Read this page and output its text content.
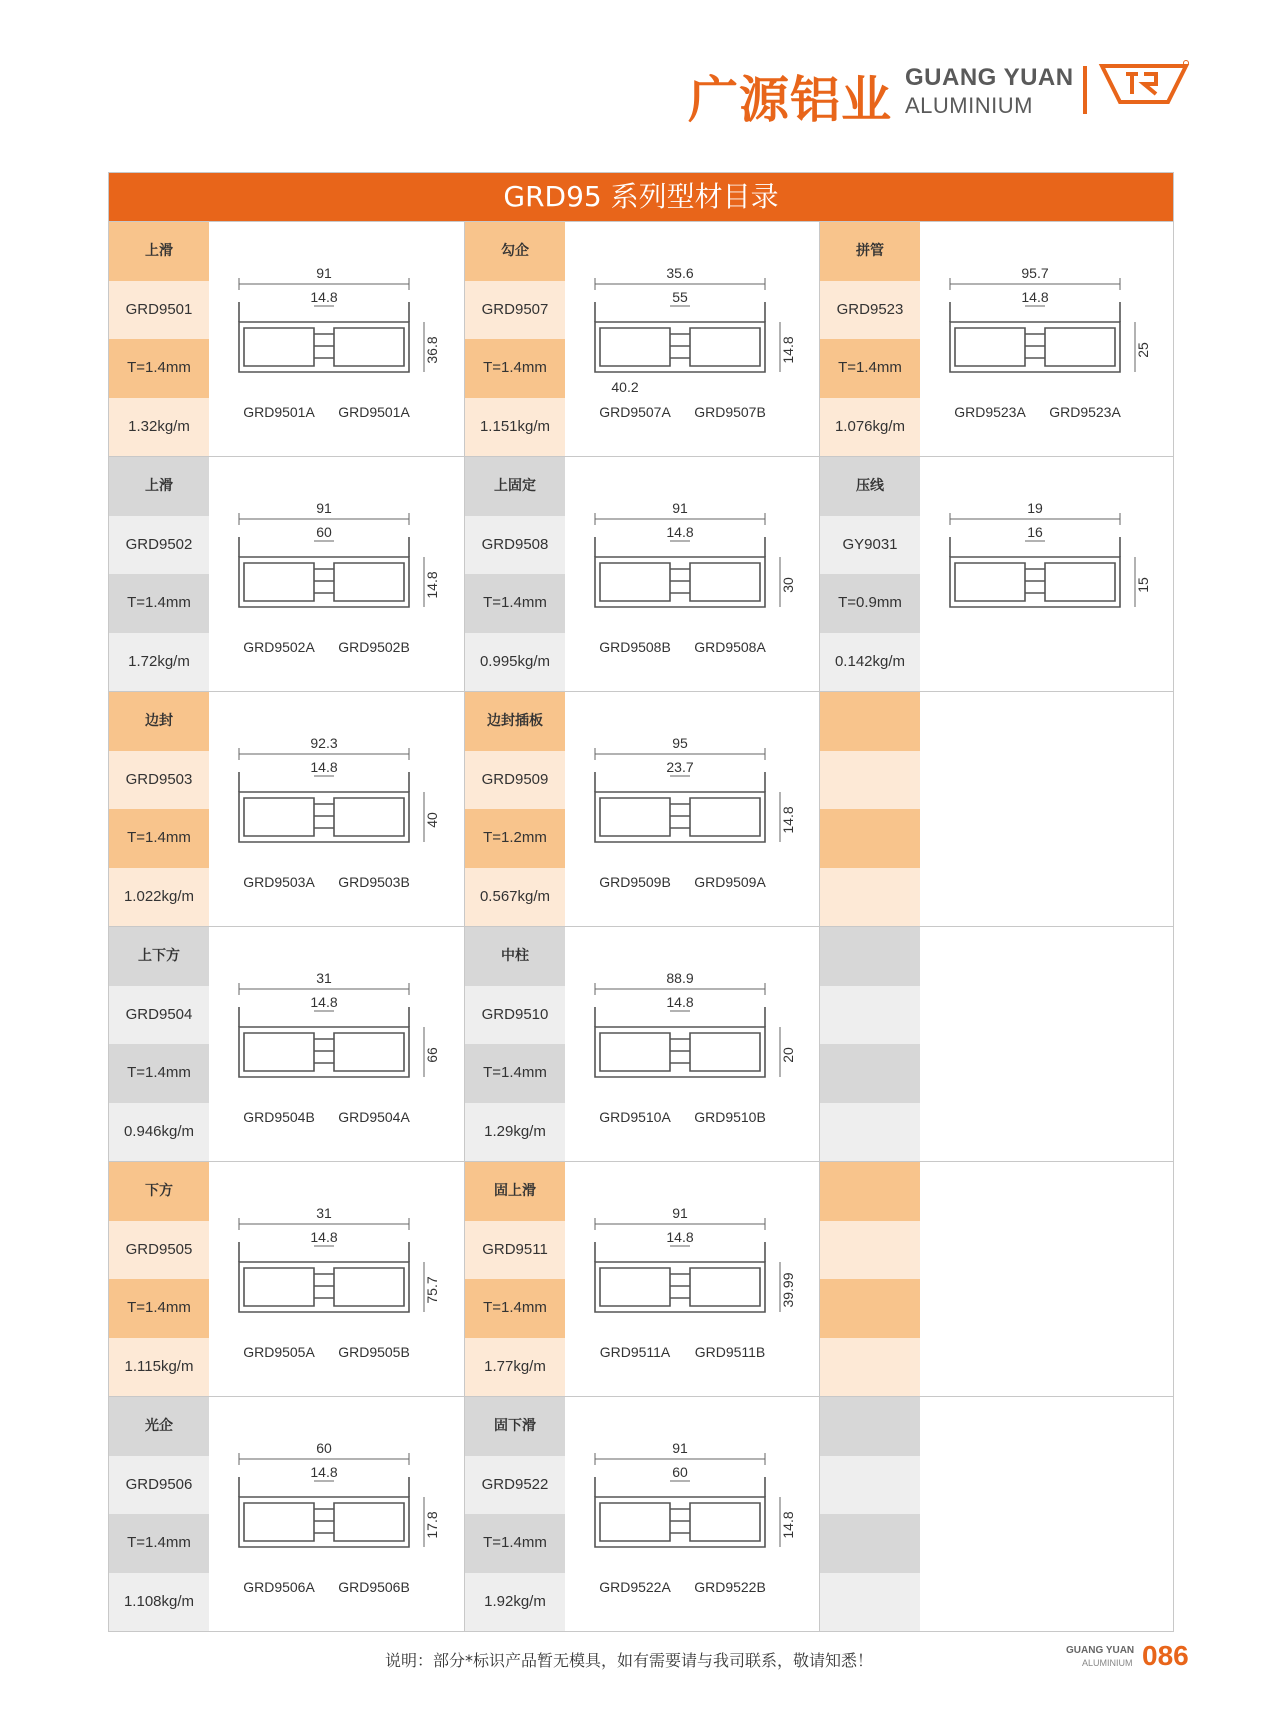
广源铝业 GUANG YUAN
ALUMINIUM
GRD95 系列型材目录
上滑
GRD9501
T=1.4mm
1.32kg/m
91
14.8
36.8
GRD9501A GRD9501A
勾企
GRD9507
T=1.4mm
1.151kg/m
35.6
55
14.8
40.2
GRD9507A GRD9507B
拼管
GRD9523
T=1.4mm
1.076kg/m
95.7
14.8
25
GRD9523A GRD9523A
上滑
GRD9502
T=1.4mm
1.72kg/m
91
60
14.8
GRD9502A GRD9502B
上固定
GRD9508
T=1.4mm
0.995kg/m
91
14.8
30
GRD9508B GRD9508A
压线
GY9031
T=0.9mm
0.142kg/m
19
16
15
边封
GRD9503
T=1.4mm
1.022kg/m
92.3
14.8
40
GRD9503A GRD9503B
边封插板
GRD9509
T=1.2mm
0.567kg/m
95
23.7
14.8
GRD9509B GRD9509A
上下方
GRD9504
T=1.4mm
0.946kg/m
31
14.8
66
GRD9504B GRD9504A
中柱
GRD9510
T=1.4mm
1.29kg/m
88.9
14.8
20
GRD9510A GRD9510B
下方
GRD9505
T=1.4mm
1.115kg/m
31
14.8
75.7
GRD9505A GRD9505B
固上滑
GRD9511
T=1.4mm
1.77kg/m
91
14.8
39.99
GRD9511A GRD9511B
光企
GRD9506
T=1.4mm
1.108kg/m
60
14.8
17.8
GRD9506A GRD9506B
固下滑
GRD9522
T=1.4mm
1.92kg/m
91
60
14.8
GRD9522A GRD9522B
说明：部分*标识产品暂无模具，如有需要请与我司联系，敬请知悉！
GUANG YUAN
ALUMINIUM 086
